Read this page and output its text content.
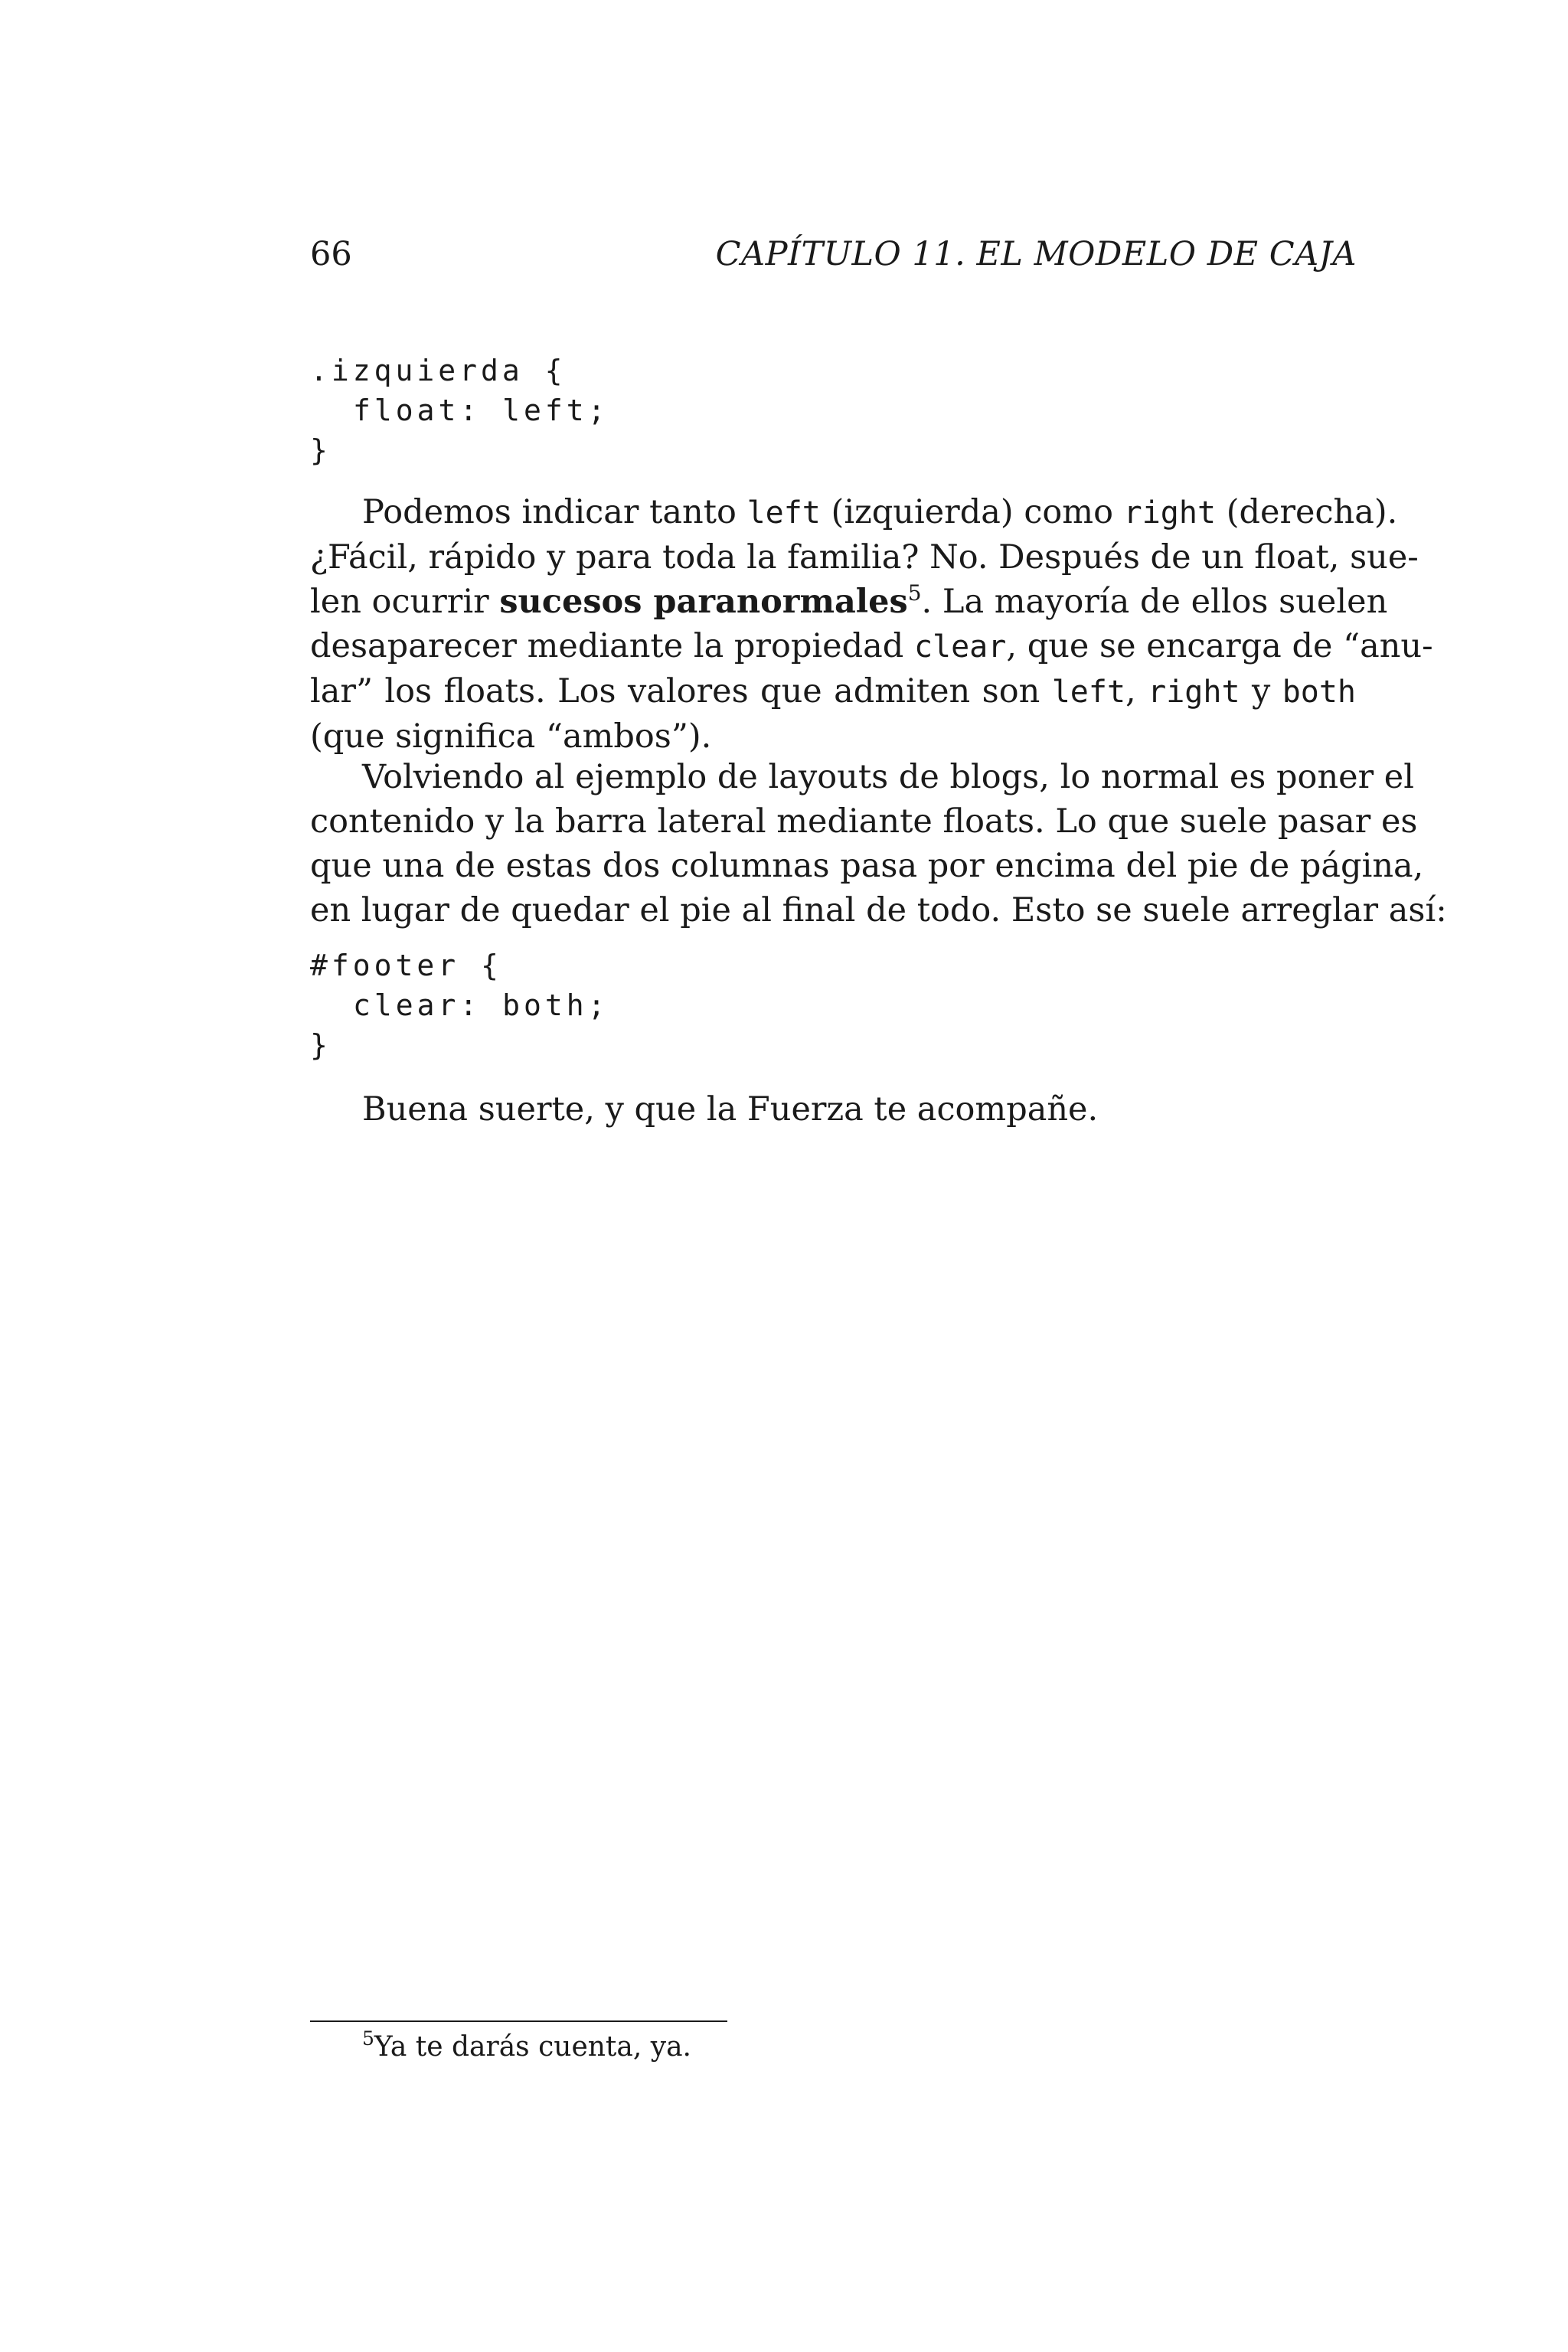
66	CAPÍTULO 11. EL MODELO DE CAJA
.izquierda {
float: left;
}
Podemos indicar tanto left (izquierda) como right (derecha).
¿Fácil, rápido y para toda la familia? No. Después de un float, sue-
len ocurrir sucesos paranormales$^5$. La mayoría de ellos suelen
desaparecer mediante la propiedad clear, que se encarga de “anu-
lar” los floats. Los valores que admiten son left, right y both
(que significa “ambos”).
Volviendo al ejemplo de layouts de blogs, lo normal es poner el
contenido y la barra lateral mediante floats. Lo que suele pasar es
que una de estas dos columnas pasa por encima del pie de página,
en lugar de quedar el pie al final de todo. Esto se suele arreglar así:
#footer {
clear: both;
}
Buena suerte, y que la Fuerza te acompañe.
$^5$Ya te darás cuenta, ya.
